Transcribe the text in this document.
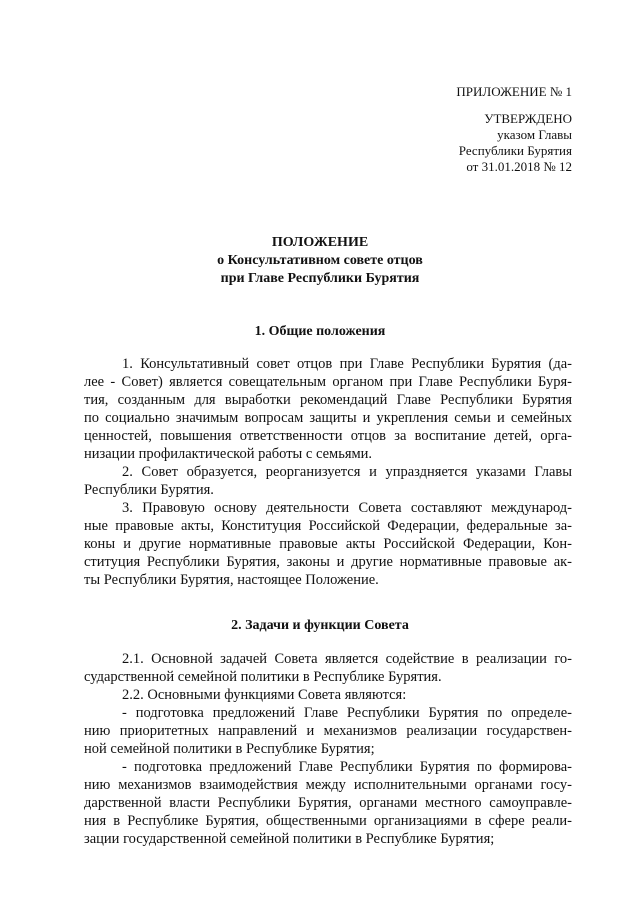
ПРИЛОЖЕНИЕ № 1
УТВЕРЖДЕНО
указом Главы
Республики Бурятия
от 31.01.2018 № 12
ПОЛОЖЕНИЕ
о Консультативном совете отцов
при Главе Республики Бурятия
1. Общие положения
1. Консультативный совет отцов при Главе Республики Бурятия (да-
лее - Совет) является совещательным органом при Главе Республики Буря-
тия, созданным для выработки рекомендаций Главе Республики Бурятия
по социально значимым вопросам защиты и укрепления семьи и семейных
ценностей, повышения ответственности отцов за воспитание детей, орга-
низации профилактической работы с семьями.
2. Совет образуется, реорганизуется и упраздняется указами Главы
Республики Бурятия.
3. Правовую основу деятельности Совета составляют международ-
ные правовые акты, Конституция Российской Федерации, федеральные за-
коны и другие нормативные правовые акты Российской Федерации, Кон-
ституция Республики Бурятия, законы и другие нормативные правовые ак-
ты Республики Бурятия, настоящее Положение.
2. Задачи и функции Совета
2.1. Основной задачей Совета является содействие в реализации го-
сударственной семейной политики в Республике Бурятия.
2.2. Основными функциями Совета являются:
- подготовка предложений Главе Республики Бурятия по определе-
нию приоритетных направлений и механизмов реализации государствен-
ной семейной политики в Республике Бурятия;
- подготовка предложений Главе Республики Бурятия по формирова-
нию механизмов взаимодействия между исполнительными органами госу-
дарственной власти Республики Бурятия, органами местного самоуправле-
ния в Республике Бурятия, общественными организациями в сфере реали-
зации государственной семейной политики в Республике Бурятия;
